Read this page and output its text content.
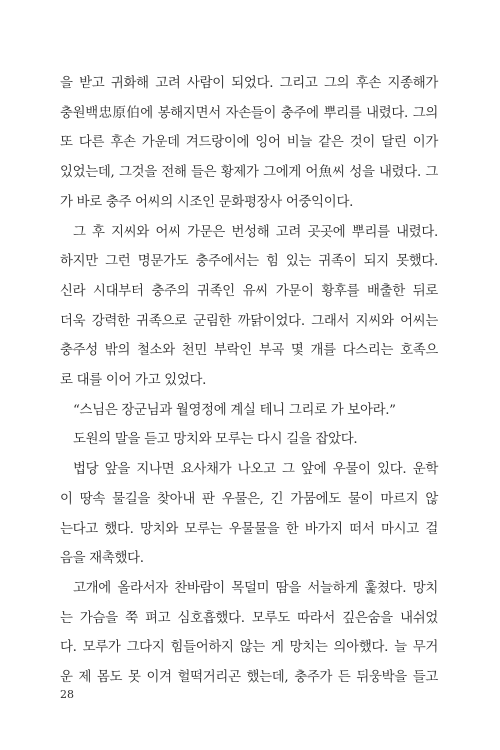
을 받고 귀화해 고려 사람이 되었다. 그리고 그의 후손 지종해가
충원백忠原伯에 봉해지면서 자손들이 충주에 뿌리를 내렸다. 그의
또 다른 후손 가운데 겨드랑이에 잉어 비늘 같은 것이 달린 이가
있었는데, 그것을 전해 들은 황제가 그에게 어魚씨 성을 내렸다. 그
가 바로 충주 어씨의 시조인 문화평장사 어중익이다.

그 후 지씨와 어씨 가문은 번성해 고려 곳곳에 뿌리를 내렸다.
하지만 그런 명문가도 충주에서는 힘 있는 귀족이 되지 못했다.
신라 시대부터 충주의 귀족인 유씨 가문이 황후를 배출한 뒤로
더욱 강력한 귀족으로 군림한 까닭이었다. 그래서 지씨와 어씨는
충주성 밖의 철소와 천민 부락인 부곡 몇 개를 다스리는 호족으
로 대를 이어 가고 있었다.

“스님은 장군님과 월영정에 계실 테니 그리로 가 보아라.”

도원의 말을 듣고 망치와 모루는 다시 길을 잡았다.

법당 앞을 지나면 요사채가 나오고 그 앞에 우물이 있다. 운학
이 땅속 물길을 찾아내 판 우물은, 긴 가뭄에도 물이 마르지 않
는다고 했다. 망치와 모루는 우물물을 한 바가지 떠서 마시고 걸
음을 재촉했다.

고개에 올라서자 찬바람이 목덜미 땀을 서늘하게 훑쳤다. 망치
는 가슴을 쭉 펴고 심호흡했다. 모루도 따라서 깊은숨을 내쉬었
다. 모루가 그다지 힘들어하지 않는 게 망치는 의아했다. 늘 무거
운 제 몸도 못 이겨 헐떡거리곤 했는데, 충주가 든 뒤웅박을 들고

28
